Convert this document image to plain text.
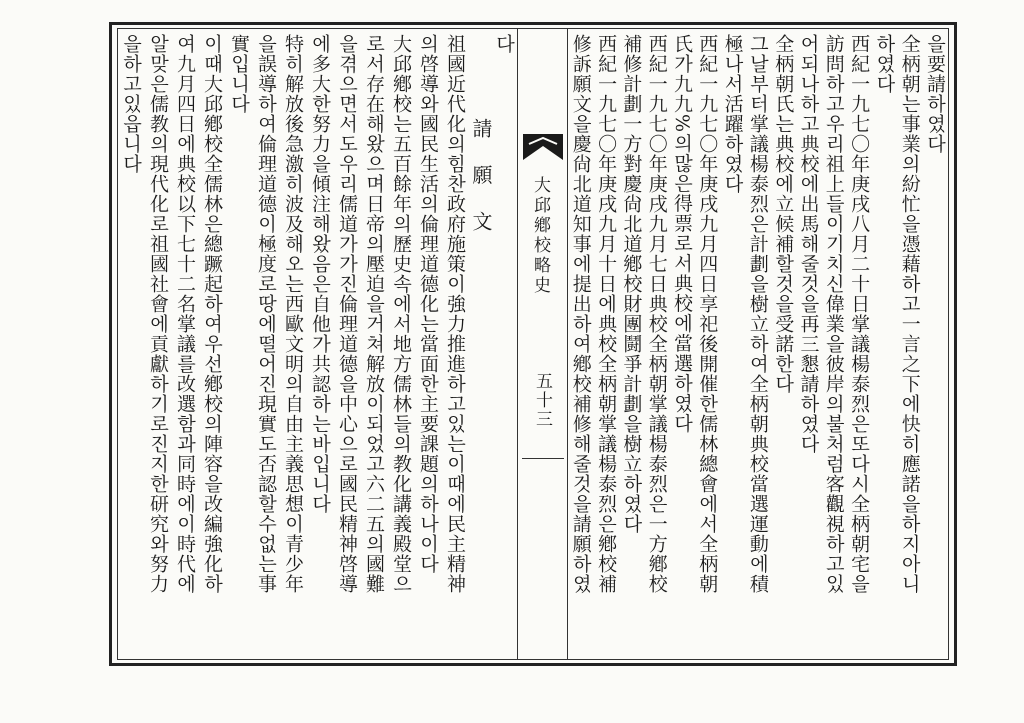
大邱鄕校略史
五十三
을要請하였다
全柄朝는事業의紛忙을憑藉하고一言之下에快히應諾을하지아니
하였다
西紀一九七〇年庚戌八月二十日掌議楊泰烈은또다시全柄朝宅을
訪問하고우리祖上들이기치신偉業을彼岸의불처럼客觀視하고있
어되나하고典校에出馬해줄것을再三懇請하였다
全柄朝氏는典校에立候補할것을受諾한다
그날부터掌議楊泰烈은計劃을樹立하여全柄朝典校當選運動에積
極나서活躍하였다
西紀一九七〇年庚戌九月四日享祀後開催한儒林總會에서全柄朝
氏가九九%의많은得票로서典校에當選하였다
西紀一九七〇年庚戌九月七日典校全柄朝掌議楊泰烈은一方鄕校
補修計劃一方對慶尙北道鄕校財團鬪爭計劃을樹立하였다
西紀一九七〇年庚戌九月十日에典校全柄朝掌議楊泰烈은鄕校補
修訴願文을慶尙北道知事에提出하여鄕校補修해줄것을請願하였
다
請 願 文
祖國近代化의힘찬政府施策이強力推進하고있는이때에民主精神
의啓導와國民生活의倫理道德化는當面한主要課題의하나이다
大邱鄕校는五百餘年의歷史속에서地方儒林들의教化講義殿堂으
로서存在해왔으며日帝의壓迫을거쳐解放이되었고六二五의國難
을겪으면서도우리儒道가가진倫理道德을中心으로國民精神啓導
에多大한努力을傾注해왔음은自他가共認하는바입니다
特히解放後急激히波及해오는西歐文明의自由主義思想이青少年
을誤導하여倫理道德이極度로땅에떨어진現實도否認할수없는事
實입니다
이때大邱鄕校全儒林은總蹶起하여우선鄕校의陣容을改編強化하
여九月四日에典校以下七十二名掌議를改選함과同時에이時代에
알맞은儒教의現代化로祖國社會에貢獻하기로진지한研究와努力
을하고있읍니다
